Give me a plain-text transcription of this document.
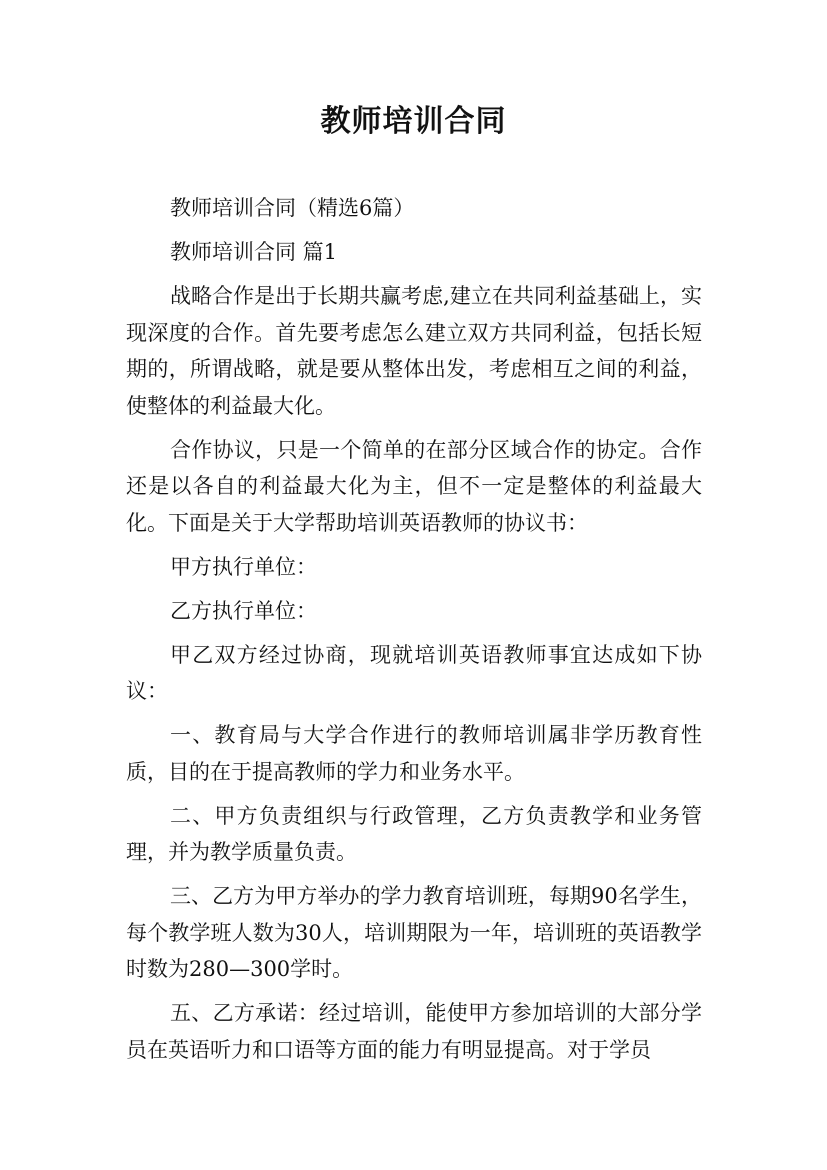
教师培训合同

教师培训合同（精选6篇）

教师培训合同 篇1

战略合作是出于长期共赢考虑,建立在共同利益基础上，实现深度的合作。首先要考虑怎么建立双方共同利益，包括长短期的，所谓战略，就是要从整体出发，考虑相互之间的利益，使整体的利益最大化。

合作协议，只是一个简单的在部分区域合作的协定。合作还是以各自的利益最大化为主，但不一定是整体的利益最大化。下面是关于大学帮助培训英语教师的协议书：

甲方执行单位：

乙方执行单位：

甲乙双方经过协商，现就培训英语教师事宜达成如下协议：

一、教育局与大学合作进行的教师培训属非学历教育性质，目的在于提高教师的学力和业务水平。

二、甲方负责组织与行政管理，乙方负责教学和业务管理，并为教学质量负责。

三、乙方为甲方举办的学力教育培训班，每期90名学生，每个教学班人数为30人，培训期限为一年，培训班的英语教学时数为280—300学时。

五、乙方承诺：经过培训，能使甲方参加培训的大部分学员在英语听力和口语等方面的能力有明显提高。对于学员
